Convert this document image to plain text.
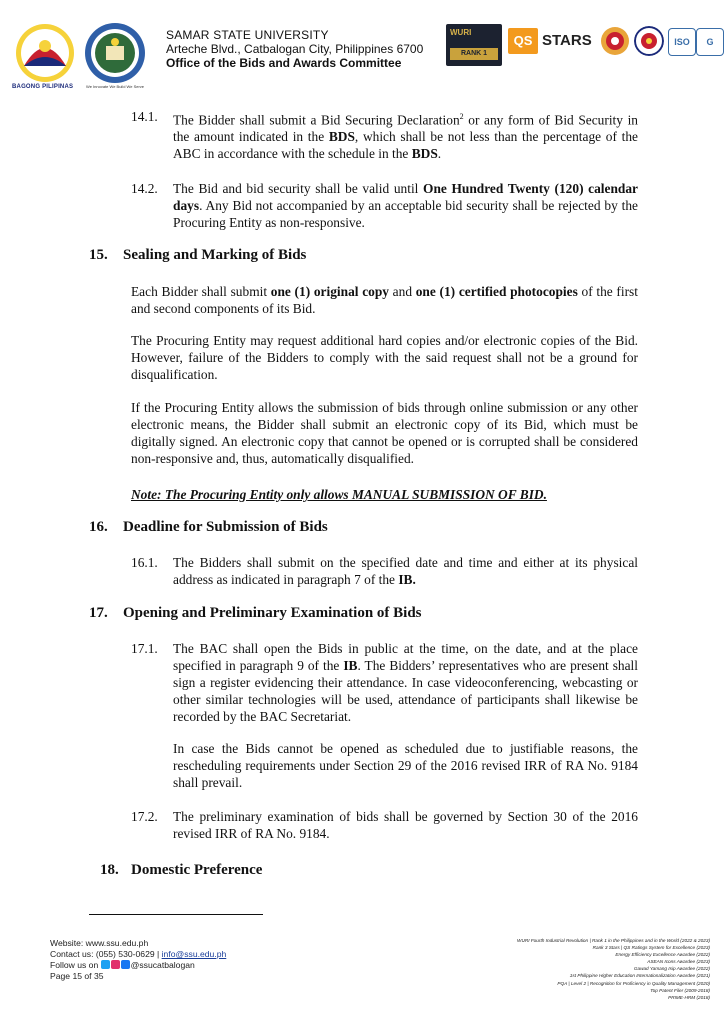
BAGONG PILIPINAS	We Innovate We Build We Serve
SAMAR STATE UNIVERSITY
Arteche Blvd., Catbalogan City, Philippines 6700
Office of the Bids and Awards Committee
WURI
RANK 1
QS STARS	ISO	G
14.1. The Bidder shall submit a Bid Securing Declaration$^2$ or any form of Bid Security in the amount indicated in the BDS, which shall be not less than the percentage of the ABC in accordance with the schedule in the BDS.
14.2. The Bid and bid security shall be valid until One Hundred Twenty (120) calendar days. Any Bid not accompanied by an acceptable bid security shall be rejected by the Procuring Entity as non-responsive.
15. Sealing and Marking of Bids
Each Bidder shall submit one (1) original copy and one (1) certified photocopies of the first and second components of its Bid.
The Procuring Entity may request additional hard copies and/or electronic copies of the Bid. However, failure of the Bidders to comply with the said request shall not be a ground for disqualification.
If the Procuring Entity allows the submission of bids through online submission or any other electronic means, the Bidder shall submit an electronic copy of its Bid, which must be digitally signed. An electronic copy that cannot be opened or is corrupted shall be considered non-responsive and, thus, automatically disqualified.
Note: The Procuring Entity only allows MANUAL SUBMISSION OF BID.
16. Deadline for Submission of Bids
16.1. The Bidders shall submit on the specified date and time and either at its physical address as indicated in paragraph 7 of the IB.
17. Opening and Preliminary Examination of Bids
17.1. The BAC shall open the Bids in public at the time, on the date, and at the place specified in paragraph 9 of the IB. The Bidders’ representatives who are present shall sign a register evidencing their attendance. In case videoconferencing, webcasting or other similar technologies will be used, attendance of participants shall likewise be recorded by the BAC Secretariat.
In case the Bids cannot be opened as scheduled due to justifiable reasons, the rescheduling requirements under Section 29 of the 2016 revised IRR of RA No. 9184 shall prevail.
17.2. The preliminary examination of bids shall be governed by Section 30 of the 2016 revised IRR of RA No. 9184.
18. Domestic Preference
Website: www.ssu.edu.ph
Contact us: (055) 530-0629 | info@ssu.edu.ph
Follow us on	@ssucatbalogan
Page 15 of 35
WURI Fourth Industrial Revolution | Rank 1 in the Philippines and in the World (2022 & 2023)
Rank 3 Stars | QS Ratings System for Excellence (2023)
Energy Efficiency Excellence Awardee (2022)
ASEAN Icons Awardee (2023)
Gawad Yamang Isip Awardee (2022)
1st Philippine Higher Education Internationalization Awardee (2021)
PQA | Level 2 | Recognition for Proficiency in Quality Management (2020)
Top Patent Filer (2009-2018)
PRIME-HRM (2018)
